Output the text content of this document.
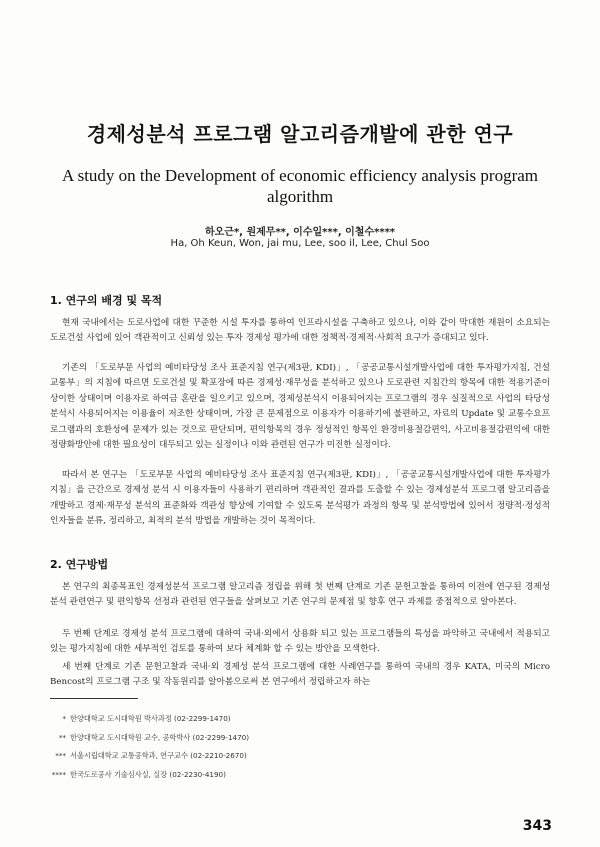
경제성분석 프로그램 알고리즘개발에 관한 연구
A study on the Development of economic efficiency analysis program algorithm
하오근*, 원제무**, 이수일***, 이철수****
Ha, Oh Keun, Won, jai mu, Lee, soo il, Lee, Chul Soo
1. 연구의 배경 및 목적

현재 국내에서는 도로사업에 대한 꾸준한 시설 투자를 통하여 인프라시설을 구축하고 있으나, 이와 같이 막대한 재원이 소요되는 도로건설 사업에 있어 객관적이고 신뢰성 있는 투자 경제성 평가에 대한 정책적·경제적·사회적 요구가 증대되고 있다.

기존의 「도로부문 사업의 예비타당성 조사 표준지침 연구(제3판, KDI)」, 「공공교통시설개발사업에 대한 투자평가지침, 건설교통부」의 지침에 따르면 도로건설 및 확포장에 따른 경제성·재무성을 분석하고 있으나 도로관련 지침간의 항목에 대한 적용기준이 상이한 상태이며 이용자로 하여금 혼란을 일으키고 있으며, 경제성분석시 이용되어지는 프로그램의 경우 실질적으로 사업의 타당성 분석시 사용되어지는 이용율이 저조한 상태이며, 가장 큰 문제점으로 이용자가 이용하기에 불편하고, 자료의 Update 및 교통수요프로그램과의 호환성에 문제가 있는 것으로 판단되며, 편익항목의 경우 정성적인 항목인 환경비용절감편익, 사고비용절감편익에 대한 정량화방안에 대한 필요성이 대두되고 있는 실정이나 이와 관련된 연구가 미진한 실정이다.

따라서 본 연구는 「도로부문 사업의 예비타당성 조사 표준지침 연구(제3판, KDI)」, 「공공교통시설개발사업에 대한 투자평가지침」을 근간으로 경제성 분석 시 이용자들이 사용하기 편리하며 객관적인 결과를 도출할 수 있는 경제성분석 프로그램 알고리즘을 개발하고 경제·재무성 분석의 표준화와 객관성 향상에 기여할 수 있도록 분석평가 과정의 항목 및 분석방법에 있어서 정량적·정성적 인자들을 분류, 정리하고, 최적의 분석 방법을 개발하는 것이 목적이다.

2. 연구방법

본 연구의 최종목표인 경제성분석 프로그램 알고리즘 정립을 위해 첫 번째 단계로 기존 문헌고찰을 통하여 이전에 연구된 경제성 분석 관련연구 및 편익항목 선정과 관련된 연구들을 살펴보고 기존 연구의 문제점 및 향후 연구 과제를 중점적으로 알아본다.

두 번째 단계로 경제성 분석 프로그램에 대하여 국내·외에서 상용화 되고 있는 프로그램들의 특성을 파악하고 국내에서 적용되고 있는 평가지침에 대한 세부적인 검토를 통하여 보다 체계화 할 수 있는 방안을 모색한다.

세 번째 단계로 기존 문헌고찰과 국내·외 경제성 분석 프로그램에 대한 사례연구를 통하여 국내의 경우 KATA, 미국의 Micro Bencost의 프로그램 구조 및 작동원리를 알아봄으로써 본 연구에서 정립하고자 하는

* 한양대학교 도시대학원 박사과정 (02-2299-1470)
** 한양대학교 도시대학원 교수, 공학박사 (02-2299-1470)
*** 서울시립대학교 교통공학과, 연구교수 (02-2210-2670)
**** 한국도로공사 기술심사실, 실장 (02-2230-4190)
343
